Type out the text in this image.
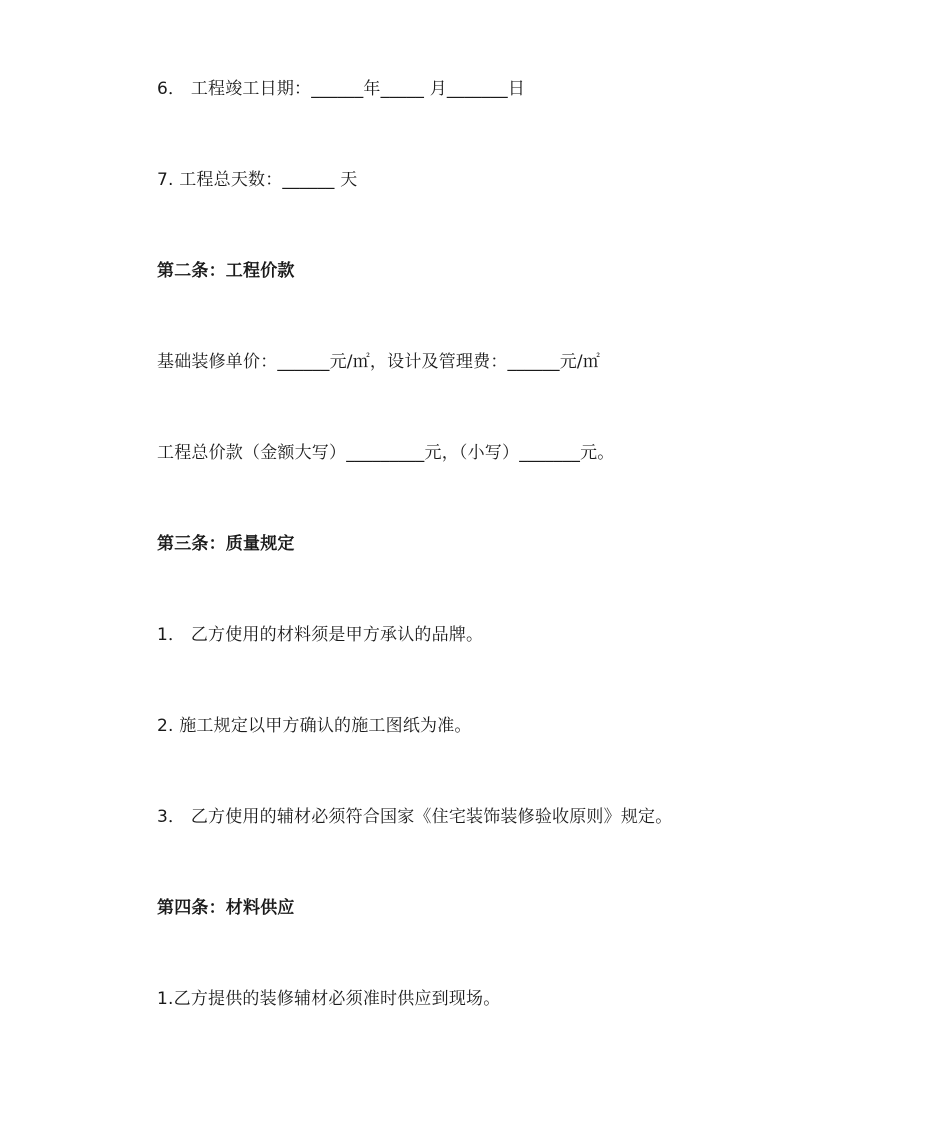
6． 工程竣工日期：______年_____ 月_______日
7. 工程总天数：______ 天
第二条：工程价款
基础装修单价：______元/㎡，设计及管理费：______元/㎡
工程总价款（金额大写）_________元，（小写）_______元。
第三条：质量规定
1． 乙方使用的材料须是甲方承认的品牌。
2. 施工规定以甲方确认的施工图纸为准。
3． 乙方使用的辅材必须符合国家《住宅装饰装修验收原则》规定。
第四条：材料供应
1.乙方提供的装修辅材必须准时供应到现场。
